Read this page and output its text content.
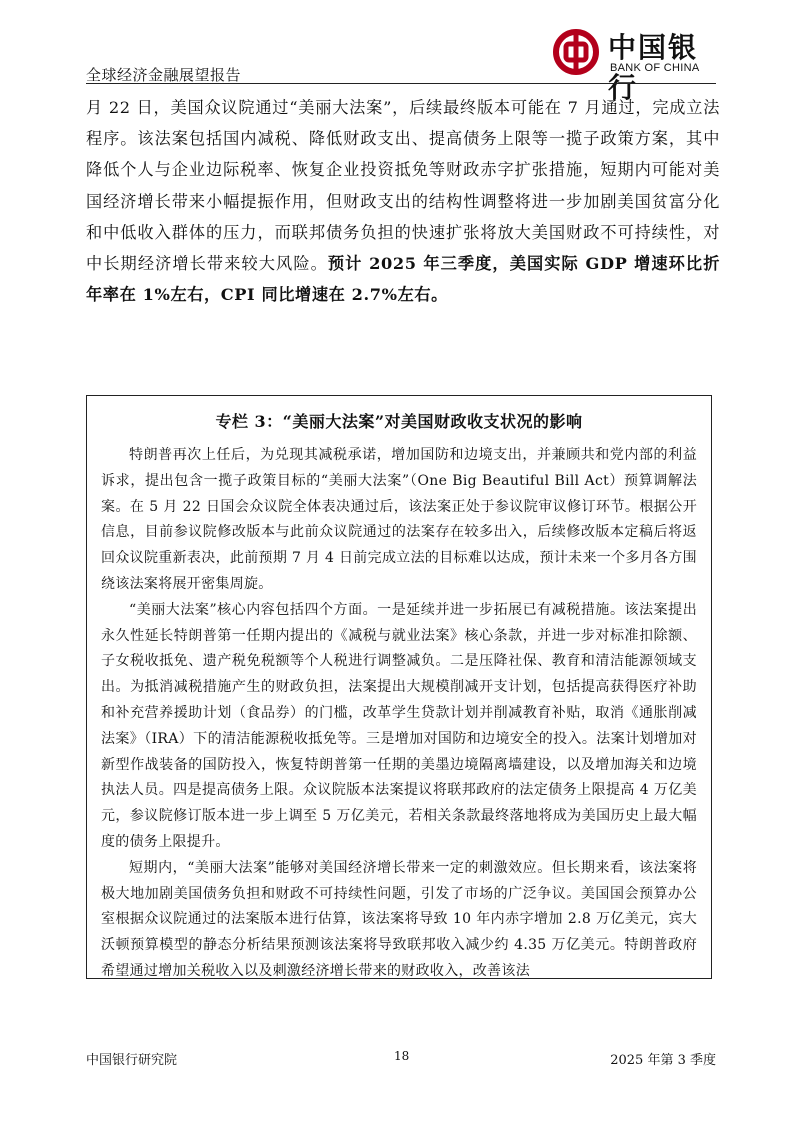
中国银行
BANK OF CHINA
全球经济金融展望报告
月 22 日，美国众议院通过“美丽大法案”，后续最终版本可能在 7 月通过，完成立法程序。该法案包括国内减税、降低财政支出、提高债务上限等一揽子政策方案，其中降低个人与企业边际税率、恢复企业投资抵免等财政赤字扩张措施，短期内可能对美国经济增长带来小幅提振作用，但财政支出的结构性调整将进一步加剧美国贫富分化和中低收入群体的压力，而联邦债务负担的快速扩张将放大美国财政不可持续性，对中长期经济增长带来较大风险。预计 2025 年三季度，美国实际 GDP 增速环比折年率在 1%左右，CPI 同比增速在 2.7%左右。
专栏 3：“美丽大法案”对美国财政收支状况的影响

特朗普再次上任后，为兑现其减税承诺，增加国防和边境支出，并兼顾共和党内部的利益诉求，提出包含一揽子政策目标的“美丽大法案”（One Big Beautiful Bill Act）预算调解法案。在 5 月 22 日国会众议院全体表决通过后，该法案正处于参议院审议修订环节。根据公开信息，目前参议院修改版本与此前众议院通过的法案存在较多出入，后续修改版本定稿后将返回众议院重新表决，此前预期 7 月 4 日前完成立法的目标难以达成，预计未来一个多月各方围绕该法案将展开密集周旋。

“美丽大法案”核心内容包括四个方面。一是延续并进一步拓展已有减税措施。该法案提出永久性延长特朗普第一任期内提出的《减税与就业法案》核心条款，并进一步对标准扣除额、子女税收抵免、遗产税免税额等个人税进行调整减负。二是压降社保、教育和清洁能源领域支出。为抵消减税措施产生的财政负担，法案提出大规模削减开支计划，包括提高获得医疗补助和补充营养援助计划（食品券）的门槛，改革学生贷款计划并削减教育补贴，取消《通胀削减法案》（IRA）下的清洁能源税收抵免等。三是增加对国防和边境安全的投入。法案计划增加对新型作战装备的国防投入，恢复特朗普第一任期的美墨边境隔离墙建设，以及增加海关和边境执法人员。四是提高债务上限。众议院版本法案提议将联邦政府的法定债务上限提高 4 万亿美元，参议院修订版本进一步上调至 5 万亿美元，若相关条款最终落地将成为美国历史上最大幅度的债务上限提升。

短期内，“美丽大法案”能够对美国经济增长带来一定的刺激效应。但长期来看，该法案将极大地加剧美国债务负担和财政不可持续性问题，引发了市场的广泛争议。美国国会预算办公室根据众议院通过的法案版本进行估算，该法案将导致 10 年内赤字增加 2.8 万亿美元，宾大沃顿预算模型的静态分析结果预测该法案将导致联邦收入减少约 4.35 万亿美元。特朗普政府希望通过增加关税收入以及刺激经济增长带来的财政收入，改善该法

中国银行研究院	18	2025 年第 3 季度
